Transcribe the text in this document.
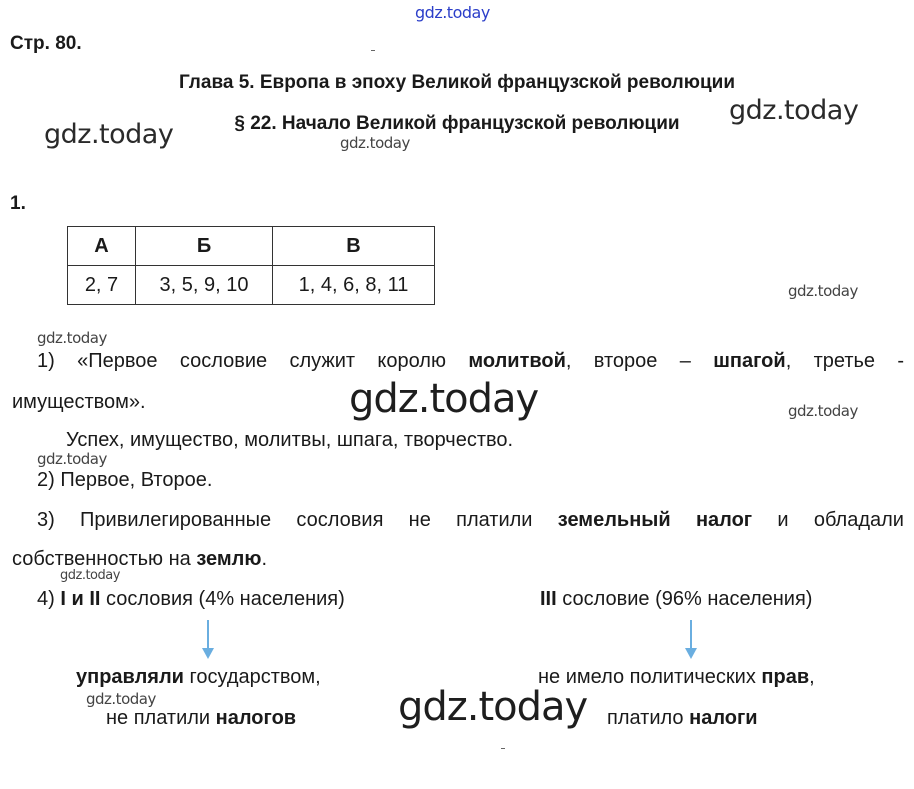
gdz.today
gdz.today
gdz.today
gdz.today
gdz.today
gdz.today
gdz.today	gdz.today
gdz.today
gdz.today
gdz.today	gdz.today
Стр. 80.
Глава 5. Европа в эпоху Великой французской революции
§ 22. Начало Великой французской революции
1.
А	Б	В
2, 7	3, 5, 9, 10	1, 4, 6, 8, 11
1) «Первое сословие служит королю молитвой, второе – шпагой, третье -
имуществом».
Успех, имущество, молитвы, шпага, творчество.
2) Первое, Второе.
3) Привилегированные сословия не платили земельный налог и обладали
собственностью на землю.
4) I и II сословия (4% населения)	III сословие (96% населения)
управляли государством,
не платили налогов
не имело политических прав,
платило налоги
